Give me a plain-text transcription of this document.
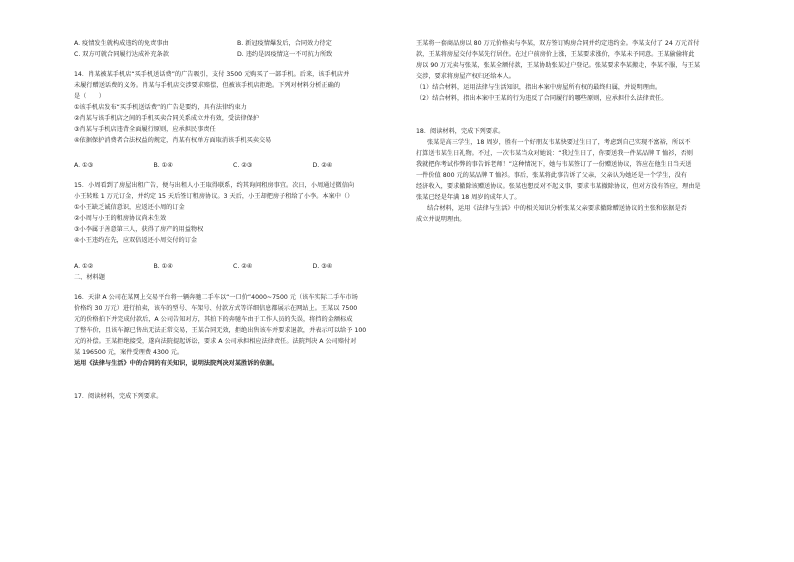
A. 疫情发生就构成违约的免责事由	B. 新冠疫情爆发后，合同效力待定
C. 双方可就合同履行达成补充条款	D. 违约是因疫情这一不可抗力所致
14．肖某被某手机店“买手机送话费”的广告吸引，支付 3500 元购买了一部手机。后来，该手机店并
未履行赠送话费的义务。肖某与手机店交涉要求赔偿，但被该手机店拒绝。下列对材料分析正确的
是（　　）
①该手机店发布“买手机送话费”的广告是要约，具有法律约束力
②肖某与该手机店之间的手机买卖合同关系成立并有效，受法律保护
③肖某与手机店违背全面履行原则，应承担民事责任
④依据保护消费者合法权益的规定，肖某有权单方面取消该手机买卖交易
A. ①③	B. ①④	C. ②③	D. ②④
15．小周看到了房屋出租广告，便与出租人小王取得联系，约其询问租房事宜。次日，小周通过微信向
小王转账 1 万元订金，并约定 15 天后签订租房协议。3 天后，小王却把房子租给了小李。本案中（）
①小王缺乏诚信意识，应返还小周的订金
②小周与小王的租房协议尚未生效
③小李属于善意第三人，获得了房产的用益物权
④小王违约在先，应双倍返还小周交付的订金
A. ①②	B. ①④	C. ②④	D. ③④
二、材料题
16．天津 A 公司在某网上交易平台将一辆奔驰二手车以“一口价”4000~7500 元（该车实际二手车市场
价格约 30 万元）进行拍卖，该车的型号、车架号、付款方式等详细信息都展示在网站上。王某以 7500
元的价格拍下并完成付款后，A 公司告知对方，其拍下的奔驰车由于工作人员的失误，将挡的金额标成
了整车价，且该车源已售出无法正常交易，王某合同无效，拒绝出售该车并要求退款，并表示可以给予 100
元的补偿。王某拒绝接受，遂向法院提起诉讼，要求 A 公司承担相应法律责任。法院判决 A 公司赔付对
某 196500 元，案件受理费 4300 元。
运用《法律与生活》中的合同的有关知识，说明法院判决对某胜诉的依据。
17．阅读材料，完成下列要求。
王某将一套商品房以 80 万元价格卖与李某，双方签订购房合同并约定违约金。李某支付了 24 万元首付
款，王某将房屋交付李某先行居住。在过户前房价上涨，王某要求涨价，李某未予同意。王某偷偷将此
房以 90 万元卖与张某，张某全额付款，王某协助张某过户登记。张某要求李某搬走，李某不服，与王某
交涉，要求将房屋产权归还给本人。
（1）结合材料，运用法律与生活知识，指出本案中房屋所有权的最终归属，并说明理由。
（2）结合材料，指出本案中王某的行为违反了合同履行的哪些原则，应承担什么法律责任。
18．阅读材料，完成下列要求。
张某是高三学生，18 周岁，胜有一个好朋友韦某快要过生日了，考虑到自己实现不富裕，所以不
打算送韦某生日礼物。不过，一次韦某当众对她说：“我过生日了，你要送我一件某品牌 T 恤衫，否则
我就把你考试作弊的事告诉老师！”这种情况下，她与韦某签订了一份赠送协议，答应在他生日当天送
一件价值 800 元的某品牌 T 恤衫。事后，张某将此事告诉了父亲，父亲认为她还是一个学生，没有
经济收入，要求撤除该赠送协议。张某也想反对不起义事，要求韦某撤除协议，但对方没有答应，理由是
张某已经是年满 18 周岁的成年人了。
结合材料，运用《法律与生活》中的相关知识分析张某父亲要求撤除赠送协议的主张和依据是否
成立并说明理由。
